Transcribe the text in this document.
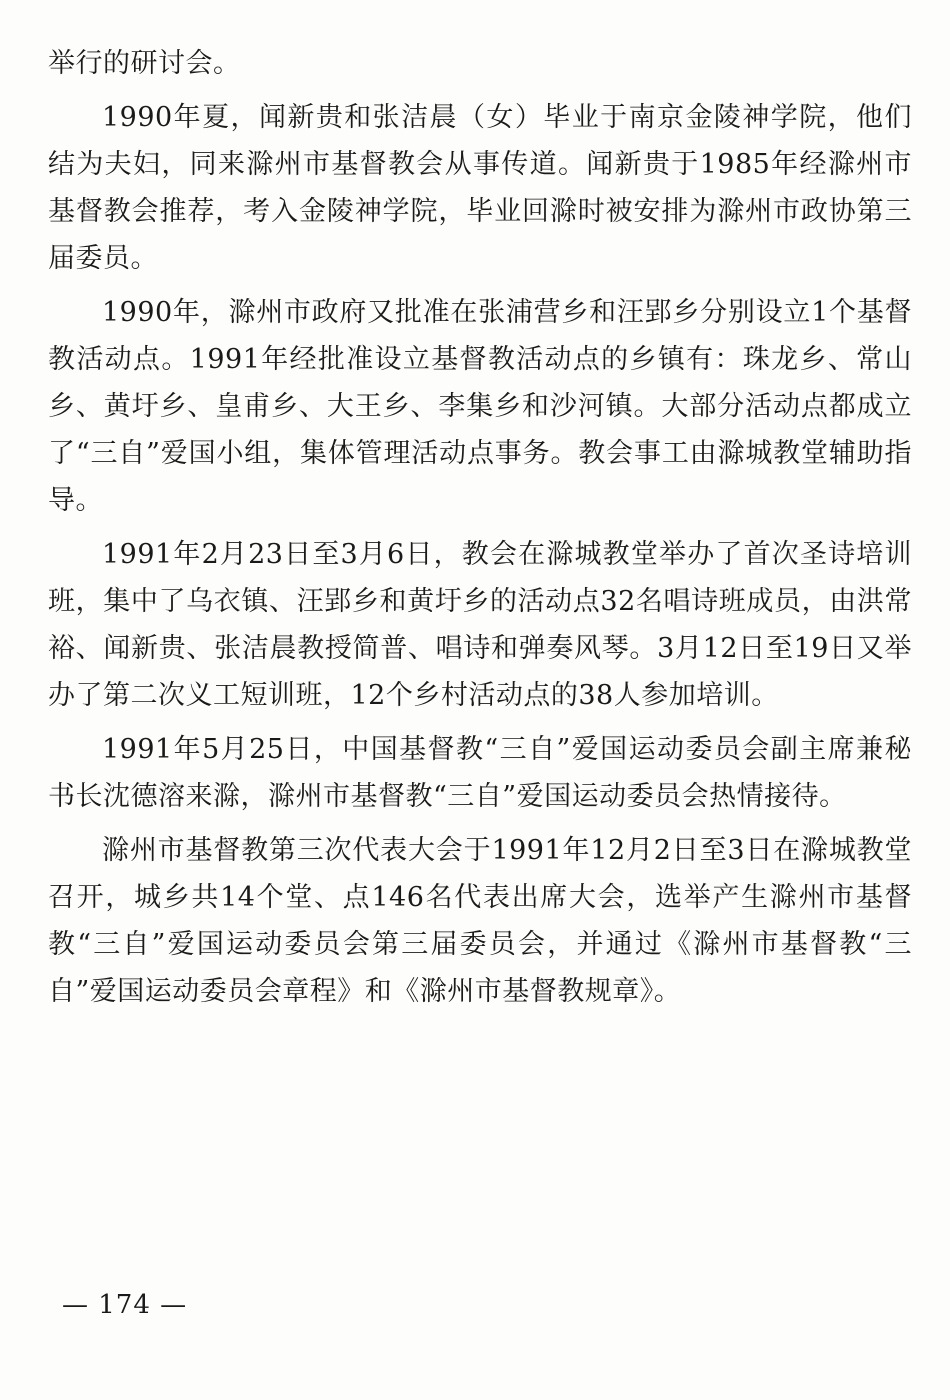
举行的研讨会。

1990年夏，闻新贵和张洁晨（女）毕业于南京金陵神学院，他们结为夫妇，同来滁州市基督教会从事传道。闻新贵于1985年经滁州市基督教会推荐，考入金陵神学院，毕业回滁时被安排为滁州市政协第三届委员。

1990年，滁州市政府又批准在张浦营乡和汪郢乡分别设立1个基督教活动点。1991年经批准设立基督教活动点的乡镇有：珠龙乡、常山乡、黄圩乡、皇甫乡、大王乡、李集乡和沙河镇。大部分活动点都成立了“三自”爱国小组，集体管理活动点事务。教会事工由滁城教堂辅助指导。

1991年2月23日至3月6日，教会在滁城教堂举办了首次圣诗培训班，集中了乌衣镇、汪郢乡和黄圩乡的活动点32名唱诗班成员，由洪常裕、闻新贵、张洁晨教授简普、唱诗和弹奏风琴。3月12日至19日又举办了第二次义工短训班，12个乡村活动点的38人参加培训。

1991年5月25日，中国基督教“三自”爱国运动委员会副主席兼秘书长沈德溶来滁，滁州市基督教“三自”爱国运动委员会热情接待。

滁州市基督教第三次代表大会于1991年12月2日至3日在滁城教堂召开，城乡共14个堂、点146名代表出席大会，选举产生滁州市基督教“三自”爱国运动委员会第三届委员会，并通过《滁州市基督教“三自”爱国运动委员会章程》和《滁州市基督教规章》。

— 174 —
